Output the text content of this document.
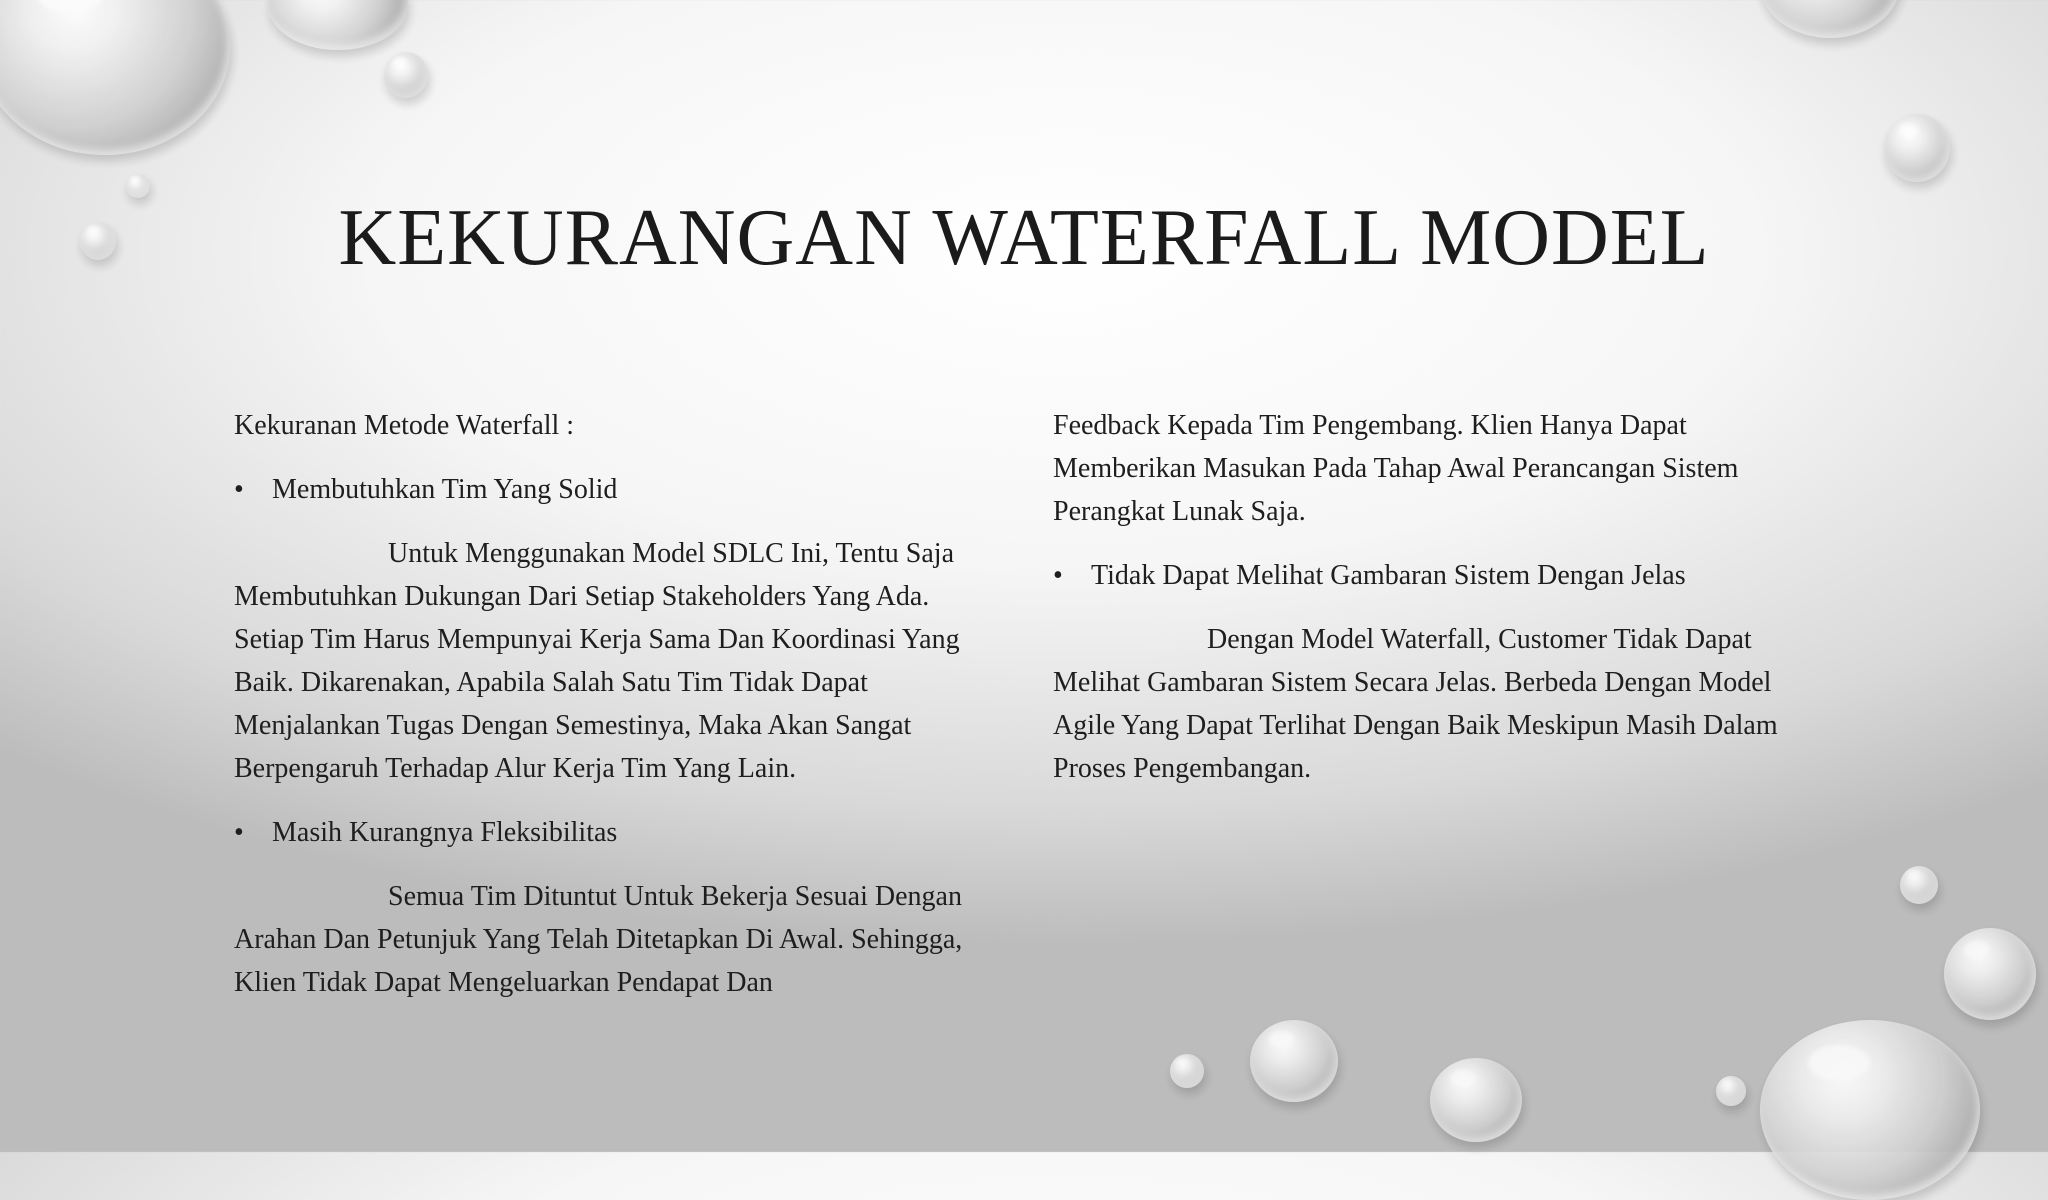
KEKURANGAN WATERFALL MODEL

Kekuranan Metode Waterfall :

• Membutuhkan Tim Yang Solid

Untuk Menggunakan Model SDLC Ini, Tentu Saja Membutuhkan Dukungan Dari Setiap Stakeholders Yang Ada. Setiap Tim Harus Mempunyai Kerja Sama Dan Koordinasi Yang Baik. Dikarenakan, Apabila Salah Satu Tim Tidak Dapat Menjalankan Tugas Dengan Semestinya, Maka Akan Sangat Berpengaruh Terhadap Alur Kerja Tim Yang Lain.

• Masih Kurangnya Fleksibilitas

Semua Tim Dituntut Untuk Bekerja Sesuai Dengan Arahan Dan Petunjuk Yang Telah Ditetapkan Di Awal. Sehingga, Klien Tidak Dapat Mengeluarkan Pendapat Dan

Feedback Kepada Tim Pengembang. Klien Hanya Dapat Memberikan Masukan Pada Tahap Awal Perancangan Sistem Perangkat Lunak Saja.

• Tidak Dapat Melihat Gambaran Sistem Dengan Jelas

Dengan Model Waterfall, Customer Tidak Dapat Melihat Gambaran Sistem Secara Jelas. Berbeda Dengan Model Agile Yang Dapat Terlihat Dengan Baik Meskipun Masih Dalam Proses Pengembangan.
